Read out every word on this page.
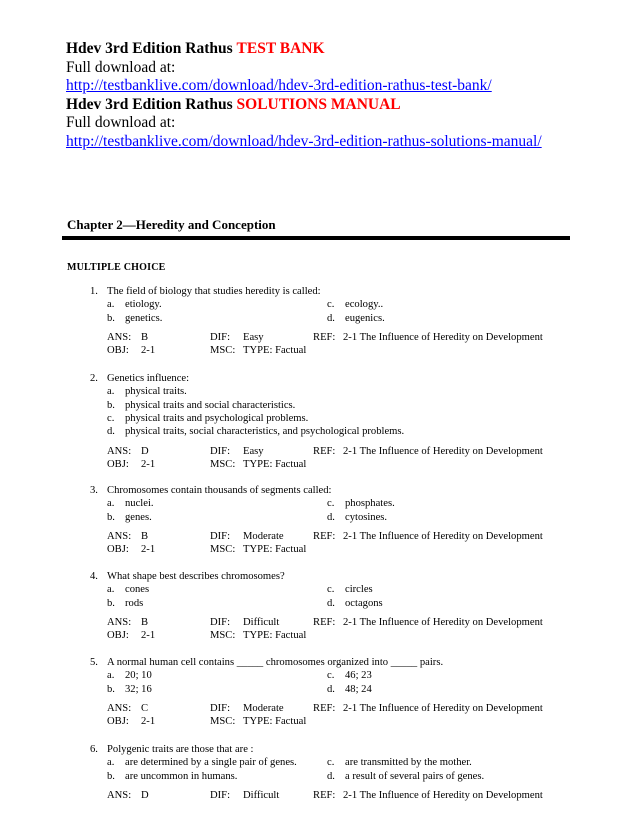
Hdev 3rd Edition Rathus TEST BANK
Full download at:
http://testbanklive.com/download/hdev-3rd-edition-rathus-test-bank/
Hdev 3rd Edition Rathus SOLUTIONS MANUAL
Full download at:
http://testbanklive.com/download/hdev-3rd-edition-rathus-solutions-manual/
Chapter 2—Heredity and Conception
MULTIPLE CHOICE
1. The field of biology that studies heredity is called:
a. etiology.
b. genetics.
c. ecology..
d. eugenics.
ANS: B	DIF: Easy	REF: 2-1 The Influence of Heredity on Development
OBJ: 2-1	MSC: TYPE: Factual
2. Genetics influence:
a. physical traits.
b. physical traits and social characteristics.
c. physical traits and psychological problems.
d. physical traits, social characteristics, and psychological problems.
ANS: D	DIF: Easy	REF: 2-1 The Influence of Heredity on Development
OBJ: 2-1	MSC: TYPE: Factual
3. Chromosomes contain thousands of segments called:
a. nuclei.
b. genes.
c. phosphates.
d. cytosines.
ANS: B	DIF: Moderate	REF: 2-1 The Influence of Heredity on Development
OBJ: 2-1	MSC: TYPE: Factual
4. What shape best describes chromosomes?
a. cones
b. rods
c. circles
d. octagons
ANS: B	DIF: Difficult	REF: 2-1 The Influence of Heredity on Development
OBJ: 2-1	MSC: TYPE: Factual
5. A normal human cell contains _____ chromosomes organized into _____ pairs.
a. 20; 10
b. 32; 16
c. 46; 23
d. 48; 24
ANS: C	DIF: Moderate	REF: 2-1 The Influence of Heredity on Development
OBJ: 2-1	MSC: TYPE: Factual
6. Polygenic traits are those that are :
a. are determined by a single pair of genes.
b. are uncommon in humans.
c. are transmitted by the mother.
d. a result of several pairs of genes.
ANS: D	DIF: Difficult	REF: 2-1 The Influence of Heredity on Development
